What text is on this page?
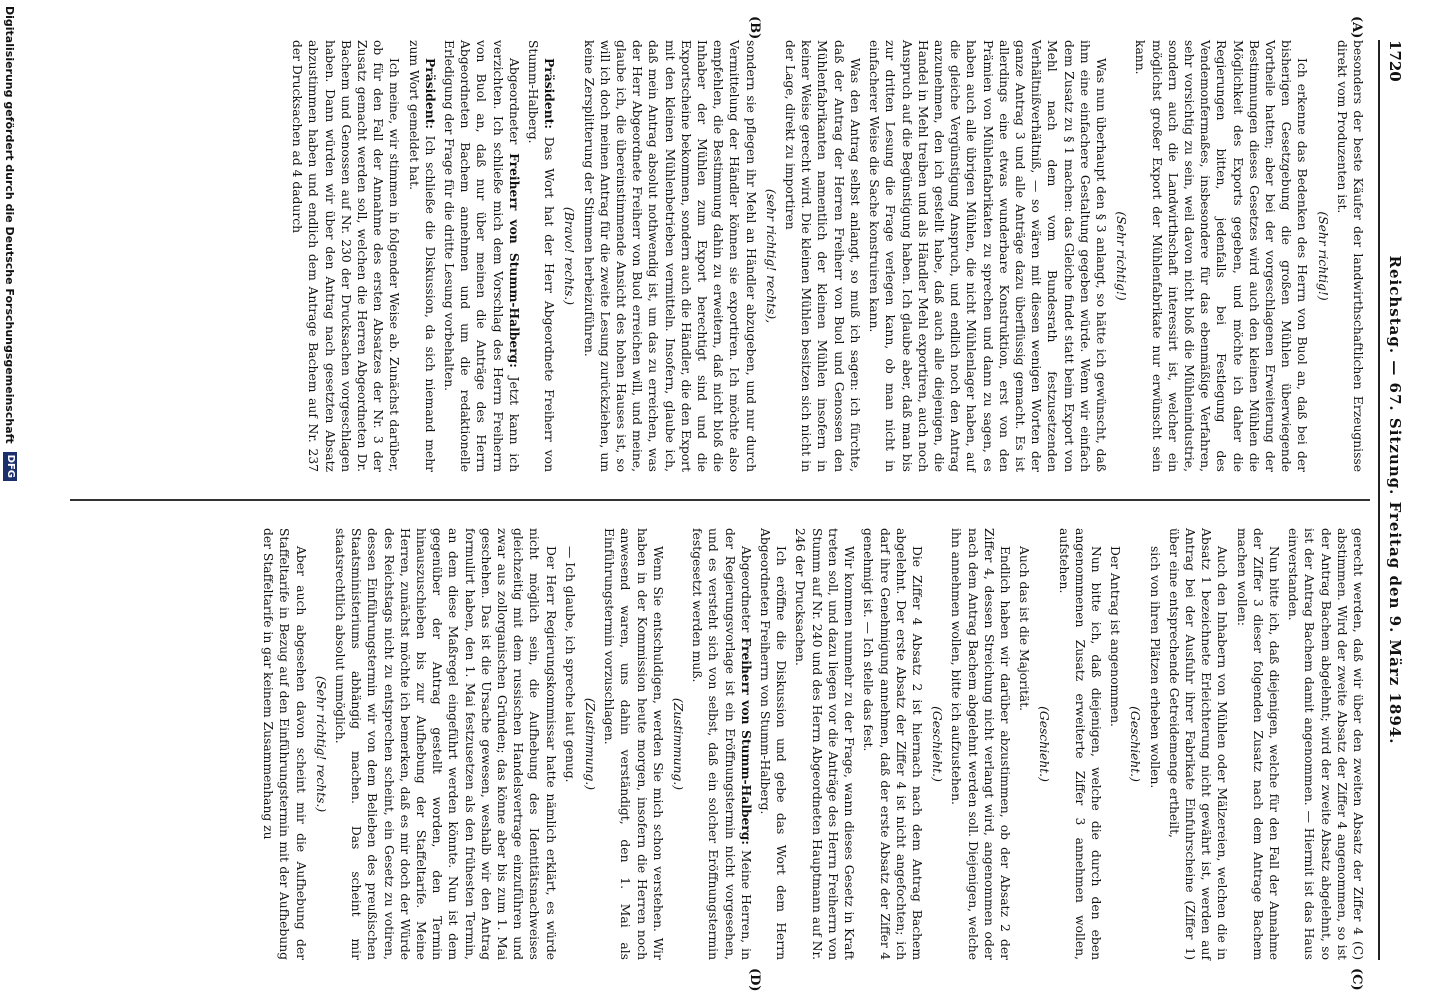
1720
Reichstag. — 67. Sitzung. Freitag den 9. März 1894.
(A)
(B)
(C)
(D)

besonders der beste Käufer der landwirthschaftlichen Erzeugnisse direkt vom Produzenten ist.

(Sehr richtig!)

Ich erkenne das Bedenken des Herrn von Buol an, daß bei der bisherigen Gesetzgebung die großen Mühlen überwiegende Vortheile hatten; aber bei der vorgeschlagenen Erweiterung der Bestimmungen dieses Gesetzes wird auch den kleinen Mühlen die Möglichkeit des Exports gegeben, und möchte ich daher die Regierungen bitten, jedenfalls bei Festlegung des Vendemonfermaßes, insbesondere für das ebenmäßige Verfahren, sehr vorsichtig zu sein, weil davon nicht bloß die Mühlenindustrie, sondern auch die Landwirthschaft interessirt ist, welcher ein möglichst großer Export der Mühlenfabrikate nur erwünscht sein kann.

(Sehr richtig!)

Was nun überhaupt den § 3 anlangt, so hätte ich gewünscht, daß ihm eine einfachere Gestaltung gegeben würde. Wenn wir einfach dem Zusatz zu § 1 machen: das Gleiche findet statt beim Export von Mehl nach dem vom Bundesrath festzusetzenden Verhältnißverhältniß, — so wären mit diesen wenigen Worten der ganze Antrag 3 und alle Anträge dazu überflüssig gemacht. Es ist allerdings eine etwas wunderbare Konstruktion, erst von den Prämien von Mühlenfabrikaten zu sprechen und dann zu sagen, es haben auch alle übrigen Mühlen, die nicht Mühlenlager haben, auf die gleiche Vergünstigung Anspruch, und endlich noch den Antrag anzunehmen, den ich gestellt habe, daß auch alle diejenigen, die Handel in Mehl treiben und als Händler Mehl exportiren, auch noch Anspruch auf die Begünstigung haben. Ich glaube aber, daß man bis zur dritten Lesung die Frage verlegen kann, ob man nicht in einfacherer Weise die Sache konstruiren kann.

Was den Antrag selbst anlangt, so muß ich sagen: ich fürchte, daß der Antrag der Herren Freiherr von Buol und Genossen den Mühlenfabrikanten namentlich der kleinen Mühlen insofern in keiner Weise gerecht wird. Die kleinen Mühlen besitzen sich nicht in der Lage, direkt zu importiren

(sehr richtig! rechts),

sondern sie pflegen ihr Mehl an Händler abzugeben, und nur durch Vermittelung der Händler können sie exportiren. Ich möchte also empfehlen, die Bestimmung dahin zu erweitern, daß nicht bloß die Inhaber der Mühlen zum Export berechtigt sind und die Exportscheine bekommen, sondern auch die Händler, die den Export mit den kleinen Mühlenbetrieben vermitteln. Insofern, glaube ich, daß mein Antrag absolut nothwendig ist, um das zu erreichen, was der Herr Abgeordnete Freiherr von Buol erreichen will, und meine, glaube ich, die übereinstimmende Ansicht des hohen Hauses ist, so will ich doch meinen Antrag für die zweite Lesung zurückziehen, um keine Zersplitterung der Stimmen herbeizuführen.

(Bravo! rechts.)

Präsident: Das Wort hat der Herr Abgeordnete Freiherr von Stumm-Halberg.

Abgeordneter Freiherr von Stumm-Halberg: Jetzt kann ich verzichten. Ich schließe mich dem Vorschlag des Herrn Freiherrn von Buol an, daß nur über meinen die Anträge des Herrn Abgeordneten Bachem annehmen und um die redaktionelle Erledigung der Frage für die dritte Lesung vorbehalten.

Präsident: Ich schließe die Diskussion, da sich niemand mehr zum Wort gemeldet hat.

Ich meine, wir stimmen in folgender Weise ab. Zunächst darüber, ob für den Fall der Annahme des ersten Absatzes der Nr. 3 der Zusatz gemacht werden soll, welchen die Herren Abgeordneten Dr. Bachem und Genossen auf Nr. 230 der Drucksachen vorgeschlagen haben. Dann würden wir über den Antrag nach gesetzten Absatz abzustimmen haben und endlich dem Antrage Bachem auf Nr. 237 der Drucksachen ad 4 dadurch

gerecht werden, daß wir über den zweiten Absatz der Ziffer 4 (C) abstimmen. Wird der zweite Absatz der Ziffer 4 angenommen, so ist der Antrag Bachem abgelehnt; wird der zweite Absatz abgelehnt, so ist der Antrag Bachem damit angenommen. — Hiermit ist das Haus einverstanden.

Nun bitte ich, daß diejenigen, welche für den Fall der Annahme der Ziffer 3 dieser folgenden Zusatz nach dem Antrage Bachem machen wollen:

Auch den Inhabern von Mühlen oder Mälzereien, welchen die in Absatz 1 bezeichnete Erleichterung nicht gewährt ist, werden auf Antrag bei der Ausfuhr ihrer Fabrikate Einfuhrscheine (Ziffer 1) über eine entsprechende Getreidemenge ertheilt,

sich von ihren Plätzen erheben wollen.

(Geschieht.)

Der Antrag ist angenommen.

Nun bitte ich, daß diejenigen, welche die durch den eben angenommenen Zusatz erweiterte Ziffer 3 annehmen wollen, aufstehen.

(Geschieht.)

Auch das ist die Majorität.

Endlich haben wir darüber abzustimmen, ob der Absatz 2 der Ziffer 4, dessen Streichung nicht verlangt wird, angenommen oder nach dem Antrag Bachem abgelehnt werden soll. Diejenigen, welche ihn annehmen wollen, bitte ich aufzustehen.

(Geschieht.)

Die Ziffer 4 Absatz 2 ist hiernach nach dem Antrag Bachem abgelehnt. Der erste Absatz der Ziffer 4 ist nicht angefochten; ich darf ihre Genehmigung annehmen, daß der erste Absatz der Ziffer 4 genehmigt ist. — Ich stelle das fest.

Wir kommen nunmehr zu der Frage, wann dieses Gesetz in Kraft treten soll, und dazu liegen vor die Anträge des Herrn Freiherrn von Stumm auf Nr. 240 und des Herrn Abgeordneten Hauptmann auf Nr. 246 der Drucksachen.

Ich eröffne die Diskussion und gebe das Wort dem Herrn Abgeordneten Freiherrn von Stumm-Halberg.

Abgeordneter Freiherr von Stumm-Halberg: Meine Herren, in der Regierungsvorlage ist ein Eröffnungstermin nicht vorgesehen, und es versteht sich von selbst, daß ein solcher Eröffnungstermin festgesetzt werden muß.

(Zustimmung.)

Wenn Sie entschuldigen, werden Sie mich schon verstehen. Wir haben in der Kommission heute morgen, insofern die Herren noch anwesend waren, uns dahin verständigt, den 1. Mai als Einführungstermin vorzuschlagen.

(Zustimmung.)

— Ich glaube, ich spreche laut genug.

Der Herr Regierungskommissar hatte nämlich erklärt, es würde nicht möglich sein, die Aufhebung des Identitätsnachweises gleichzeitig mit dem russischen Handelsvertrage einzuführen und zwar aus zollorganischen Gründen; das könne aber bis zum 1. Mai geschehen. Das ist die Ursache gewesen, weshalb wir den Antrag formulirt haben, den 1. Mai festzusetzen als den frühesten Termin, an dem diese Maßregel eingeführt werden könnte. Nun ist dem gegenüber der Antrag gestellt worden, den Termin hinauszuschieben bis zur Aufhebung der Staffeltarife. Meine Herren, zunächst möchte ich bemerken, daß es mir doch der Würde des Reichstags nicht zu entsprechen scheint, ein Gesetz zu votiren, dessen Einführungstermin wir von dem Belieben des preußischen Staatsministeriums abhängig machen. Das scheint mir staatsrechtlich absolut unmöglich.

(Sehr richtig! rechts.)

Aber auch abgesehen davon scheint mir die Aufhebung der Staffeltarife in Bezug auf den Einführungstermin mit der Aufhebung der Staffeltarife in gar keinem Zusammenhang zu

Digitalisierung gefördert durch die Deutsche Forschungsgemeinschaft
DFG
